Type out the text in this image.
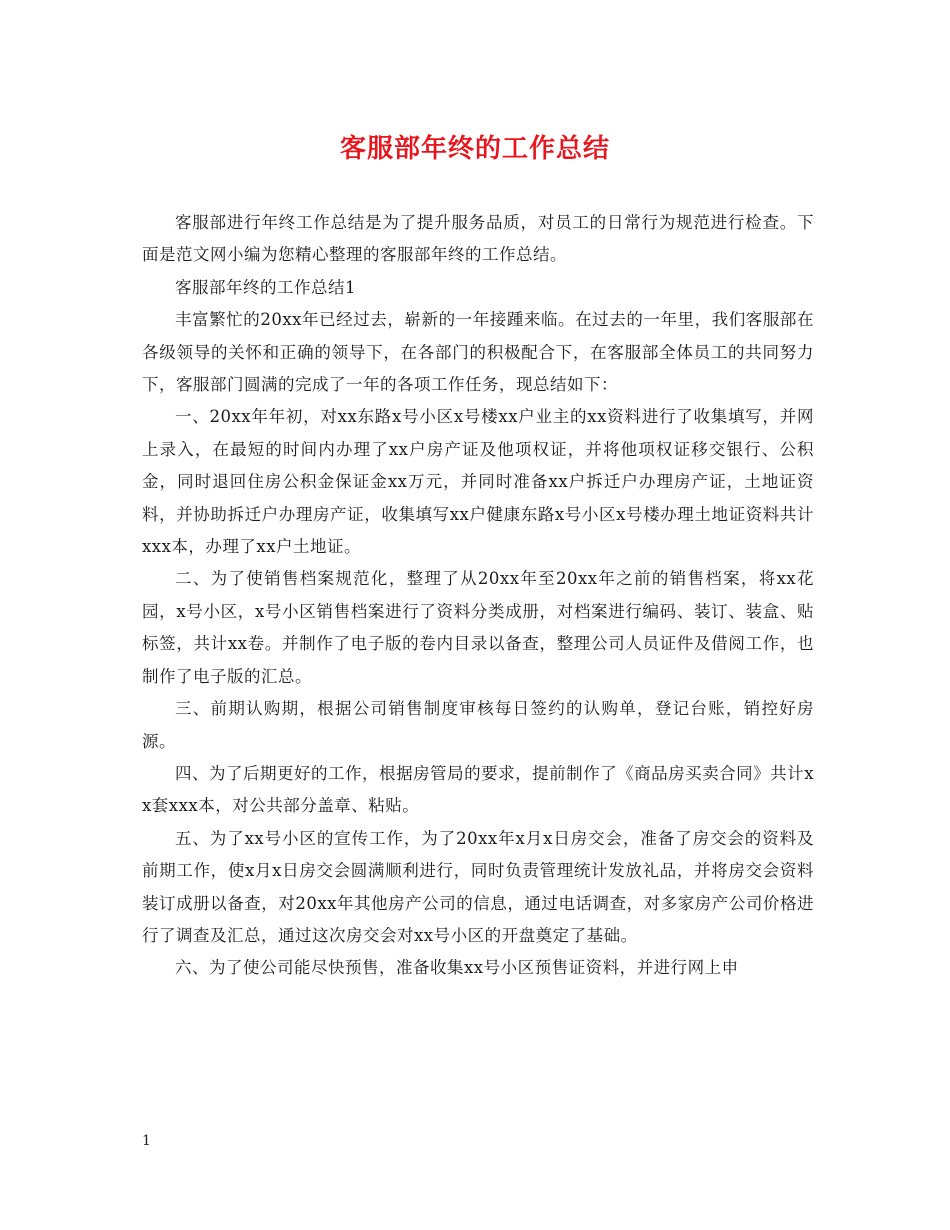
客服部年终的工作总结

客服部进行年终工作总结是为了提升服务品质，对员工的日常行为规范进行检查。下面是范文网小编为您精心整理的客服部年终的工作总结。

客服部年终的工作总结1

丰富繁忙的20xx年已经过去，崭新的一年接踵来临。在过去的一年里，我们客服部在各级领导的关怀和正确的领导下，在各部门的积极配合下，在客服部全体员工的共同努力下，客服部门圆满的完成了一年的各项工作任务，现总结如下：

一、20xx年年初，对xx东路x号小区x号楼xx户业主的xx资料进行了收集填写，并网上录入，在最短的时间内办理了xx户房产证及他项权证，并将他项权证移交银行、公积金，同时退回住房公积金保证金xx万元，并同时准备xx户拆迁户办理房产证，土地证资料，并协助拆迁户办理房产证，收集填写xx户健康东路x号小区x号楼办理土地证资料共计xxx本，办理了xx户土地证。

二、为了使销售档案规范化，整理了从20xx年至20xx年之前的销售档案，将xx花园，x号小区，x号小区销售档案进行了资料分类成册，对档案进行编码、装订、装盒、贴标签，共计xx卷。并制作了电子版的卷内目录以备查，整理公司人员证件及借阅工作，也制作了电子版的汇总。

三、前期认购期，根据公司销售制度审核每日签约的认购单，登记台账，销控好房源。

四、为了后期更好的工作，根据房管局的要求，提前制作了《商品房买卖合同》共计xx套xxx本，对公共部分盖章、粘贴。

五、为了xx号小区的宣传工作，为了20xx年x月x日房交会，准备了房交会的资料及前期工作，使x月x日房交会圆满顺利进行，同时负责管理统计发放礼品，并将房交会资料装订成册以备查，对20xx年其他房产公司的信息，通过电话调查，对多家房产公司价格进行了调查及汇总，通过这次房交会对xx号小区的开盘奠定了基础。

六、为了使公司能尽快预售，准备收集xx号小区预售证资料，并进行网上申

1
